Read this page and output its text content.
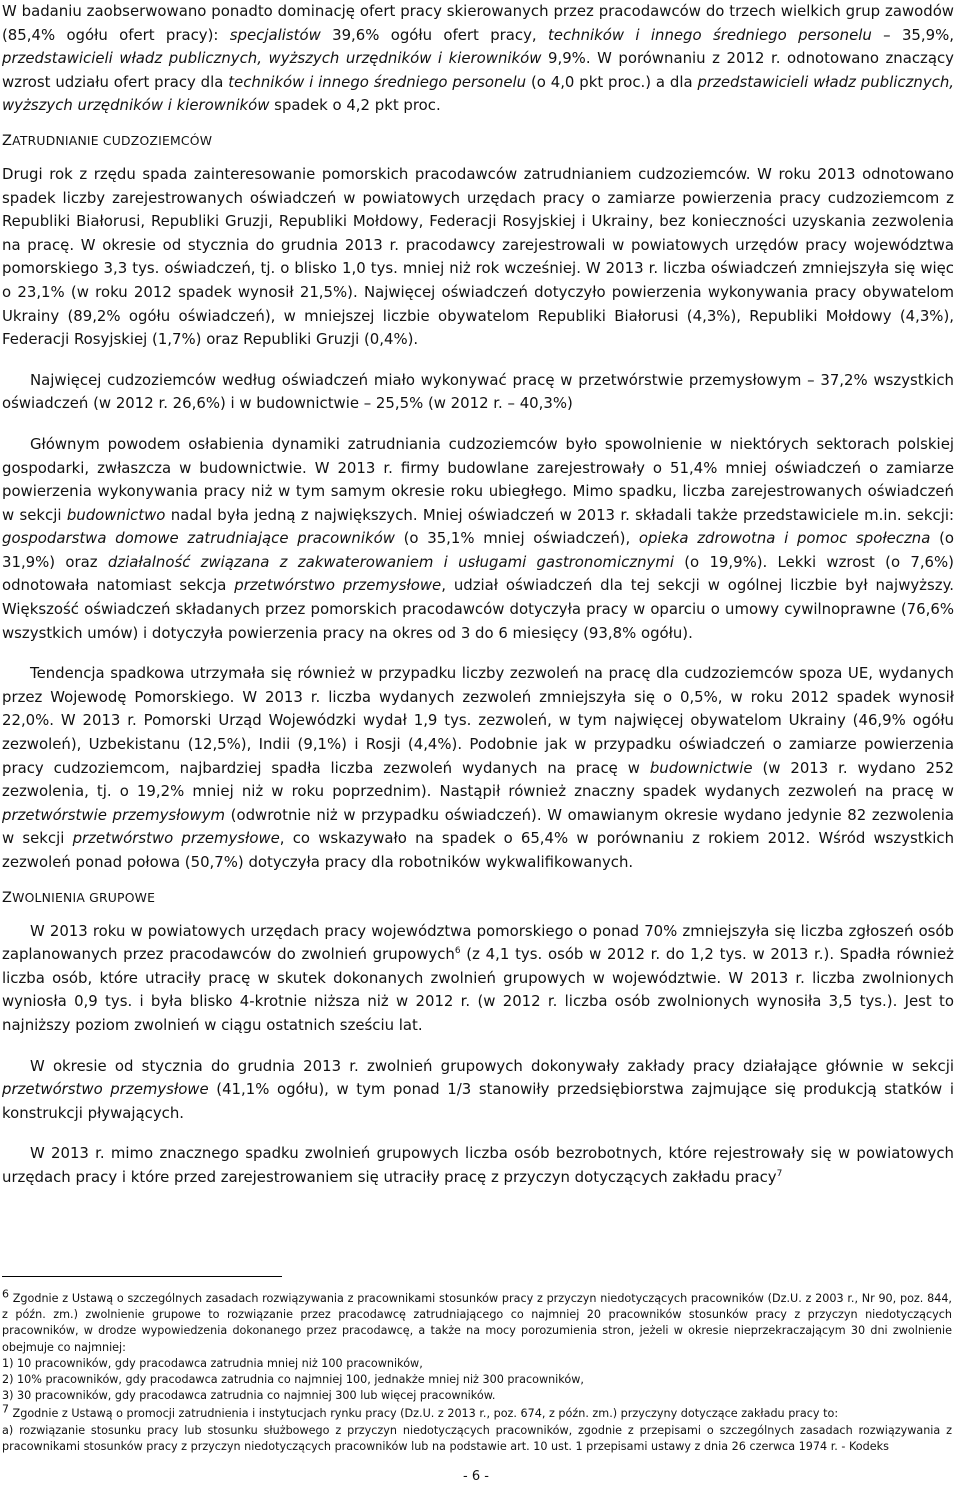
W badaniu zaobserwowano ponadto dominację ofert pracy skierowanych przez pracodawców do trzech wielkich grup zawodów (85,4% ogółu ofert pracy): specjalistów 39,6% ogółu ofert pracy, techników i innego średniego personelu – 35,9%, przedstawicieli władz publicznych, wyższych urzędników i kierowników 9,9%. W porównaniu z 2012 r. odnotowano znaczący wzrost udziału ofert pracy dla techników i innego średniego personelu (o 4,0 pkt proc.) a dla przedstawicieli władz publicznych, wyższych urzędników i kierowników spadek o 4,2 pkt proc.

ZATRUDNIANIE CUDZOZIEMCÓW

Drugi rok z rzędu spada zainteresowanie pomorskich pracodawców zatrudnianiem cudzoziemców. W roku 2013 odnotowano spadek liczby zarejestrowanych oświadczeń w powiatowych urzędach pracy o zamiarze powierzenia pracy cudzoziemcom z Republiki Białorusi, Republiki Gruzji, Republiki Mołdowy, Federacji Rosyjskiej i Ukrainy, bez konieczności uzyskania zezwolenia na pracę. W okresie od stycznia do grudnia 2013 r. pracodawcy zarejestrowali w powiatowych urzędów pracy województwa pomorskiego 3,3 tys. oświadczeń, tj. o blisko 1,0 tys. mniej niż rok wcześniej. W 2013 r. liczba oświadczeń zmniejszyła się więc o 23,1% (w roku 2012 spadek wynosił 21,5%). Najwięcej oświadczeń dotyczyło powierzenia wykonywania pracy obywatelom Ukrainy (89,2% ogółu oświadczeń), w mniejszej liczbie obywatelom Republiki Białorusi (4,3%), Republiki Mołdowy (4,3%), Federacji Rosyjskiej (1,7%) oraz Republiki Gruzji (0,4%).

Najwięcej cudzoziemców według oświadczeń miało wykonywać pracę w przetwórstwie przemysłowym – 37,2% wszystkich oświadczeń (w 2012 r. 26,6%) i w budownictwie – 25,5% (w 2012 r. – 40,3%)

Głównym powodem osłabienia dynamiki zatrudniania cudzoziemców było spowolnienie w niektórych sektorach polskiej gospodarki, zwłaszcza w budownictwie. W 2013 r. firmy budowlane zarejestrowały o 51,4% mniej oświadczeń o zamiarze powierzenia wykonywania pracy niż w tym samym okresie roku ubiegłego. Mimo spadku, liczba zarejestrowanych oświadczeń w sekcji budownictwo nadal była jedną z największych. Mniej oświadczeń w 2013 r. składali także przedstawiciele m.in. sekcji: gospodarstwa domowe zatrudniające pracowników (o 35,1% mniej oświadczeń), opieka zdrowotna i pomoc społeczna (o 31,9%) oraz działalność związana z zakwaterowaniem i usługami gastronomicznymi (o 19,9%). Lekki wzrost (o 7,6%) odnotowała natomiast sekcja przetwórstwo przemysłowe, udział oświadczeń dla tej sekcji w ogólnej liczbie był najwyższy. Większość oświadczeń składanych przez pomorskich pracodawców dotyczyła pracy w oparciu o umowy cywilnoprawne (76,6% wszystkich umów) i dotyczyła powierzenia pracy na okres od 3 do 6 miesięcy (93,8% ogółu).

Tendencja spadkowa utrzymała się również w przypadku liczby zezwoleń na pracę dla cudzoziemców spoza UE, wydanych przez Wojewodę Pomorskiego. W 2013 r. liczba wydanych zezwoleń zmniejszyła się o 0,5%, w roku 2012 spadek wynosił 22,0%. W 2013 r. Pomorski Urząd Wojewódzki wydał 1,9 tys. zezwoleń, w tym najwięcej obywatelom Ukrainy (46,9% ogółu zezwoleń), Uzbekistanu (12,5%), Indii (9,1%) i Rosji (4,4%). Podobnie jak w przypadku oświadczeń o zamiarze powierzenia pracy cudzoziemcom, najbardziej spadła liczba zezwoleń wydanych na pracę w budownictwie (w 2013 r. wydano 252 zezwolenia, tj. o 19,2% mniej niż w roku poprzednim). Nastąpił również znaczny spadek wydanych zezwoleń na pracę w przetwórstwie przemysłowym (odwrotnie niż w przypadku oświadczeń). W omawianym okresie wydano jedynie 82 zezwolenia w sekcji przetwórstwo przemysłowe, co wskazywało na spadek o 65,4% w porównaniu z rokiem 2012. Wśród wszystkich zezwoleń ponad połowa (50,7%) dotyczyła pracy dla robotników wykwalifikowanych.

ZWOLNIENIA GRUPOWE

W 2013 roku w powiatowych urzędach pracy województwa pomorskiego o ponad 70% zmniejszyła się liczba zgłoszeń osób zaplanowanych przez pracodawców do zwolnień grupowych$^6$ (z 4,1 tys. osób w 2012 r. do 1,2 tys. w 2013 r.). Spadła również liczba osób, które utraciły pracę w skutek dokonanych zwolnień grupowych w województwie. W 2013 r. liczba zwolnionych wyniosła 0,9 tys. i była blisko 4-krotnie niższa niż w 2012 r. (w 2012 r. liczba osób zwolnionych wynosiła 3,5 tys.). Jest to najniższy poziom zwolnień w ciągu ostatnich sześciu lat.

W okresie od stycznia do grudnia 2013 r. zwolnień grupowych dokonywały zakłady pracy działające głównie w sekcji przetwórstwo przemysłowe (41,1% ogółu), w tym ponad 1/3 stanowiły przedsiębiorstwa zajmujące się produkcją statków i konstrukcji pływających.

W 2013 r. mimo znacznego spadku zwolnień grupowych liczba osób bezrobotnych, które rejestrowały się w powiatowych urzędach pracy i które przed zarejestrowaniem się utraciły pracę z przyczyn dotyczących zakładu pracy$^7$

$^6$ Zgodnie z Ustawą o szczególnych zasadach rozwiązywania z pracownikami stosunków pracy z przyczyn niedotyczących pracowników (Dz.U. z 2003 r., Nr 90, poz. 844, z późn. zm.) zwolnienie grupowe to rozwiązanie przez pracodawcę zatrudniającego co najmniej 20 pracowników stosunków pracy z przyczyn niedotyczących pracowników, w drodze wypowiedzenia dokonanego przez pracodawcę, a także na mocy porozumienia stron, jeżeli w okresie nieprzekraczającym 30 dni zwolnienie obejmuje co najmniej:

1) 10 pracowników, gdy pracodawca zatrudnia mniej niż 100 pracowników,

2) 10% pracowników, gdy pracodawca zatrudnia co najmniej 100, jednakże mniej niż 300 pracowników,

3) 30 pracowników, gdy pracodawca zatrudnia co najmniej 300 lub więcej pracowników.

$^7$ Zgodnie z Ustawą o promocji zatrudnienia i instytucjach rynku pracy (Dz.U. z 2013 r., poz. 674, z późn. zm.) przyczyny dotyczące zakładu pracy to:

a) rozwiązanie stosunku pracy lub stosunku służbowego z przyczyn niedotyczących pracowników, zgodnie z przepisami o szczególnych zasadach rozwiązywania z pracownikami stosunków pracy z przyczyn niedotyczących pracowników lub na podstawie art. 10 ust. 1 przepisami ustawy z dnia 26 czerwca 1974 r. - Kodeks

- 6 -
